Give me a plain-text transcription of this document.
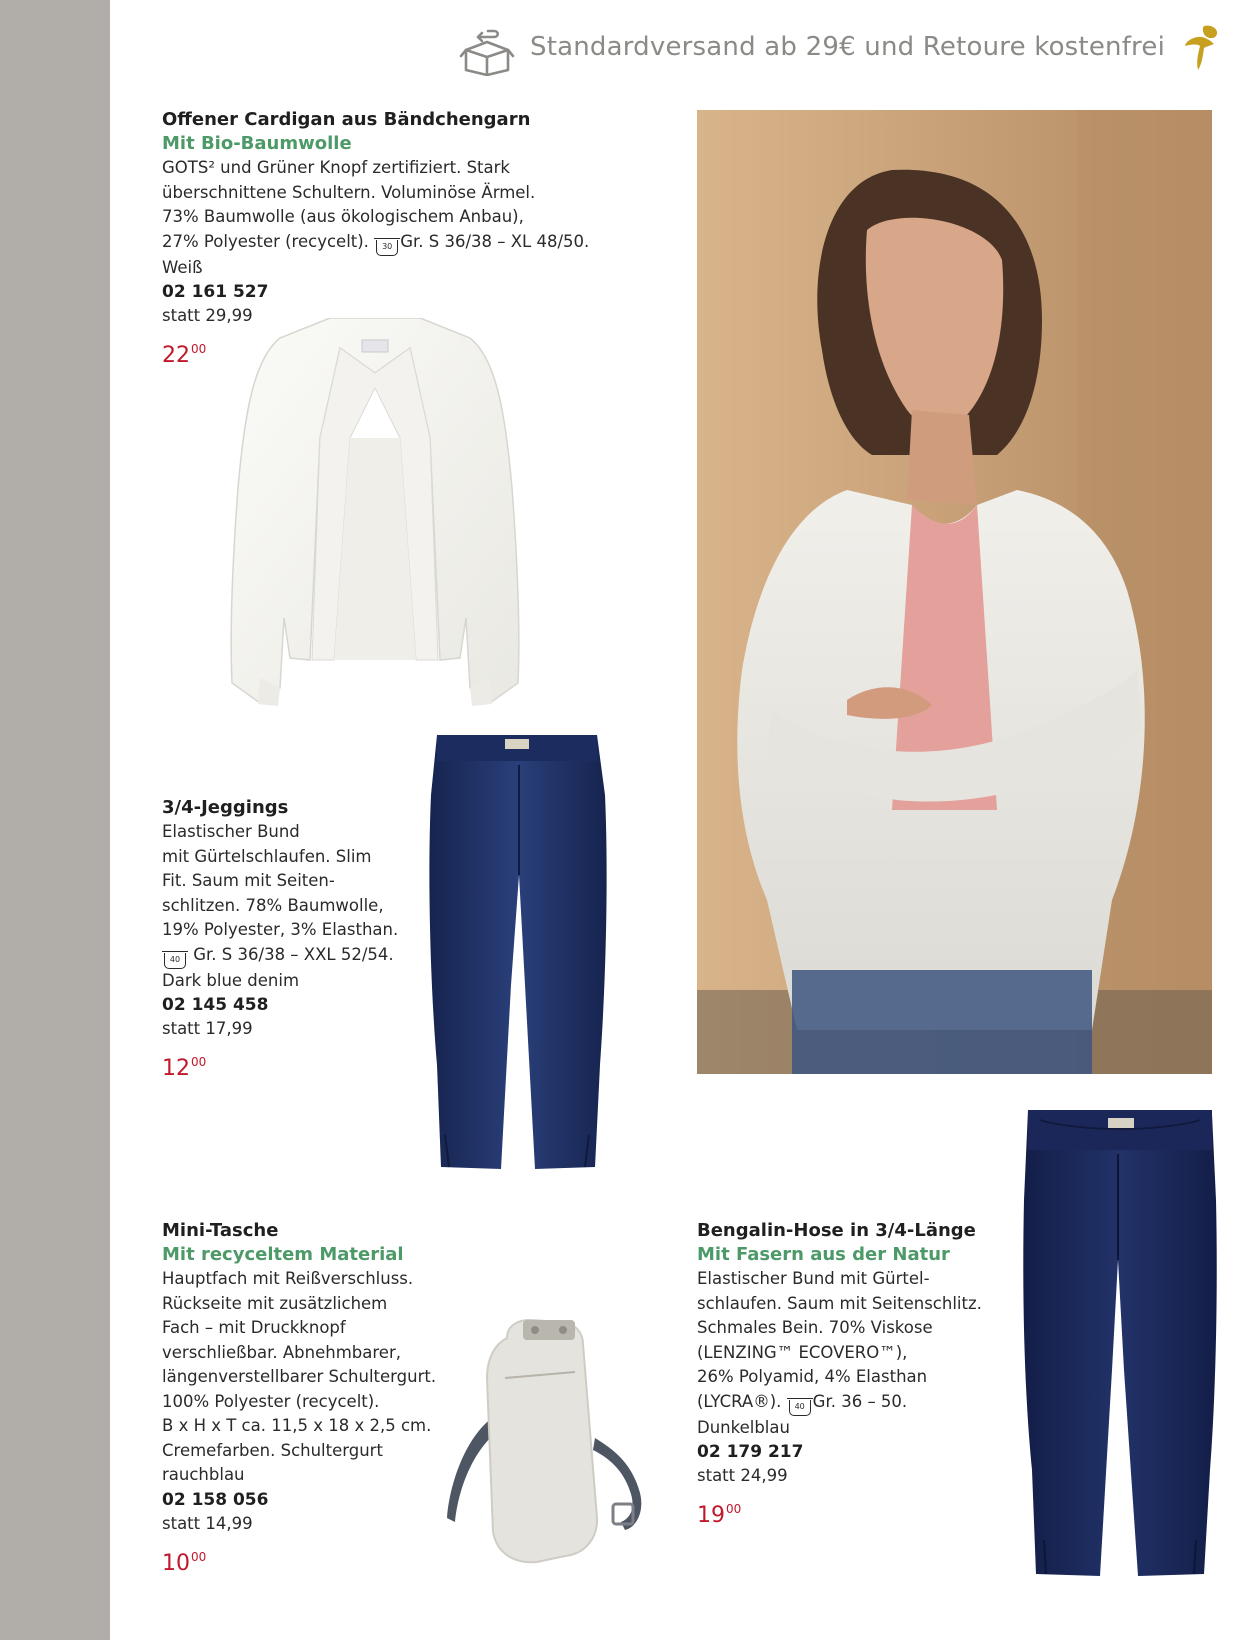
Standardversand ab 29€ und Retoure kostenfrei
Offener Cardigan aus Bändchengarn
Mit Bio-Baumwolle
GOTS² und Grüner Knopf zertifiziert. Stark
überschnittene Schultern. Voluminöse Ärmel.
73% Baumwolle (aus ökologischem Anbau),
27% Polyester (recycelt). 30 Gr. S 36/38 – XL 48/50.
Weiß
02 161 527
statt 29,99
$22^{00}$
3/4-Jeggings
Elastischer Bund
mit Gürtelschlaufen. Slim
Fit. Saum mit Seiten-
schlitzen. 78% Baumwolle,
19% Polyester, 3% Elasthan.
40 Gr. S 36/38 – XXL 52/54.
Dark blue denim
02 145 458
statt 17,99
$12^{00}$
Mini-Tasche
Mit recyceltem Material
Hauptfach mit Reißverschluss.
Rückseite mit zusätzlichem
Fach – mit Druckknopf
verschließbar. Abnehmbarer,
längenverstellbarer Schultergurt.
100% Polyester (recycelt).
B x H x T ca. 11,5 x 18 x 2,5 cm.
Cremefarben. Schultergurt
rauchblau
02 158 056
statt 14,99
$10^{00}$
Bengalin-Hose in 3/4-Länge
Mit Fasern aus der Natur
Elastischer Bund mit Gürtel-
schlaufen. Saum mit Seitenschlitz.
Schmales Bein. 70% Viskose
(LENZING™ ECOVERO™),
26% Polyamid, 4% Elasthan
(LYCRA®). 40 Gr. 36 – 50.
Dunkelblau
02 179 217
statt 24,99
$19^{00}$
